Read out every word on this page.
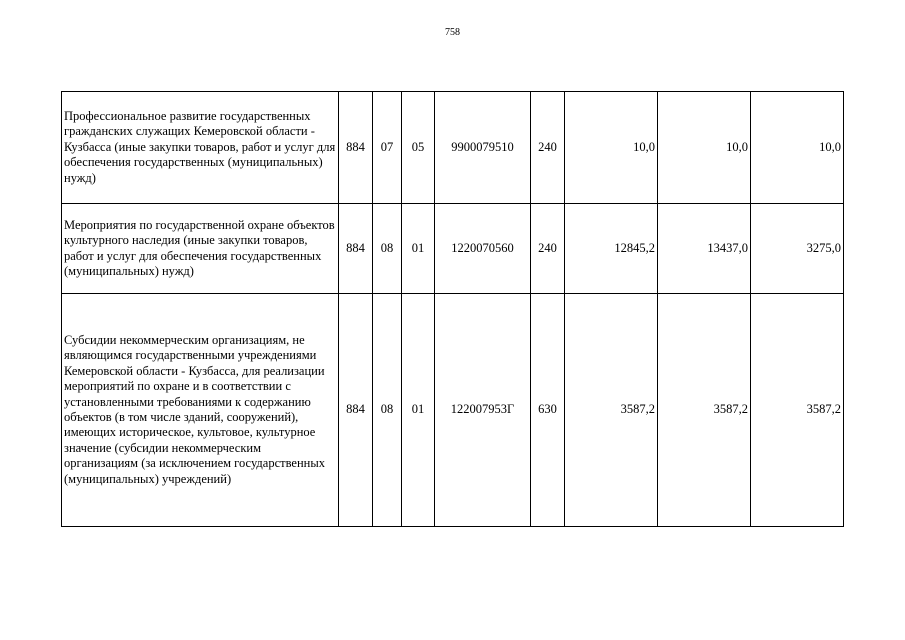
758
Профессиональное развитие государственных гражданских служащих Кемеровской области - Кузбасса (иные закупки товаров, работ и услуг для обеспечения государственных (муниципальных) нужд)	884	07	05	9900079510	240	10,0	10,0	10,0
Мероприятия по государственной охране объектов культурного наследия (иные закупки товаров, работ и услуг для обеспечения государственных (муниципальных) нужд)	884	08	01	1220070560	240	12845,2	13437,0	3275,0
Субсидии некоммерческим организациям, не являющимся государственными учреждениями Кемеровской области - Кузбасса, для реализации мероприятий по охране и в соответствии с установленными требованиями к содержанию объектов (в том числе зданий, сооружений), имеющих историческое, культовое, культурное значение (субсидии некоммерческим организациям (за исключением государственных (муниципальных) учреждений)	884	08	01	122007953Г	630	3587,2	3587,2	3587,2
